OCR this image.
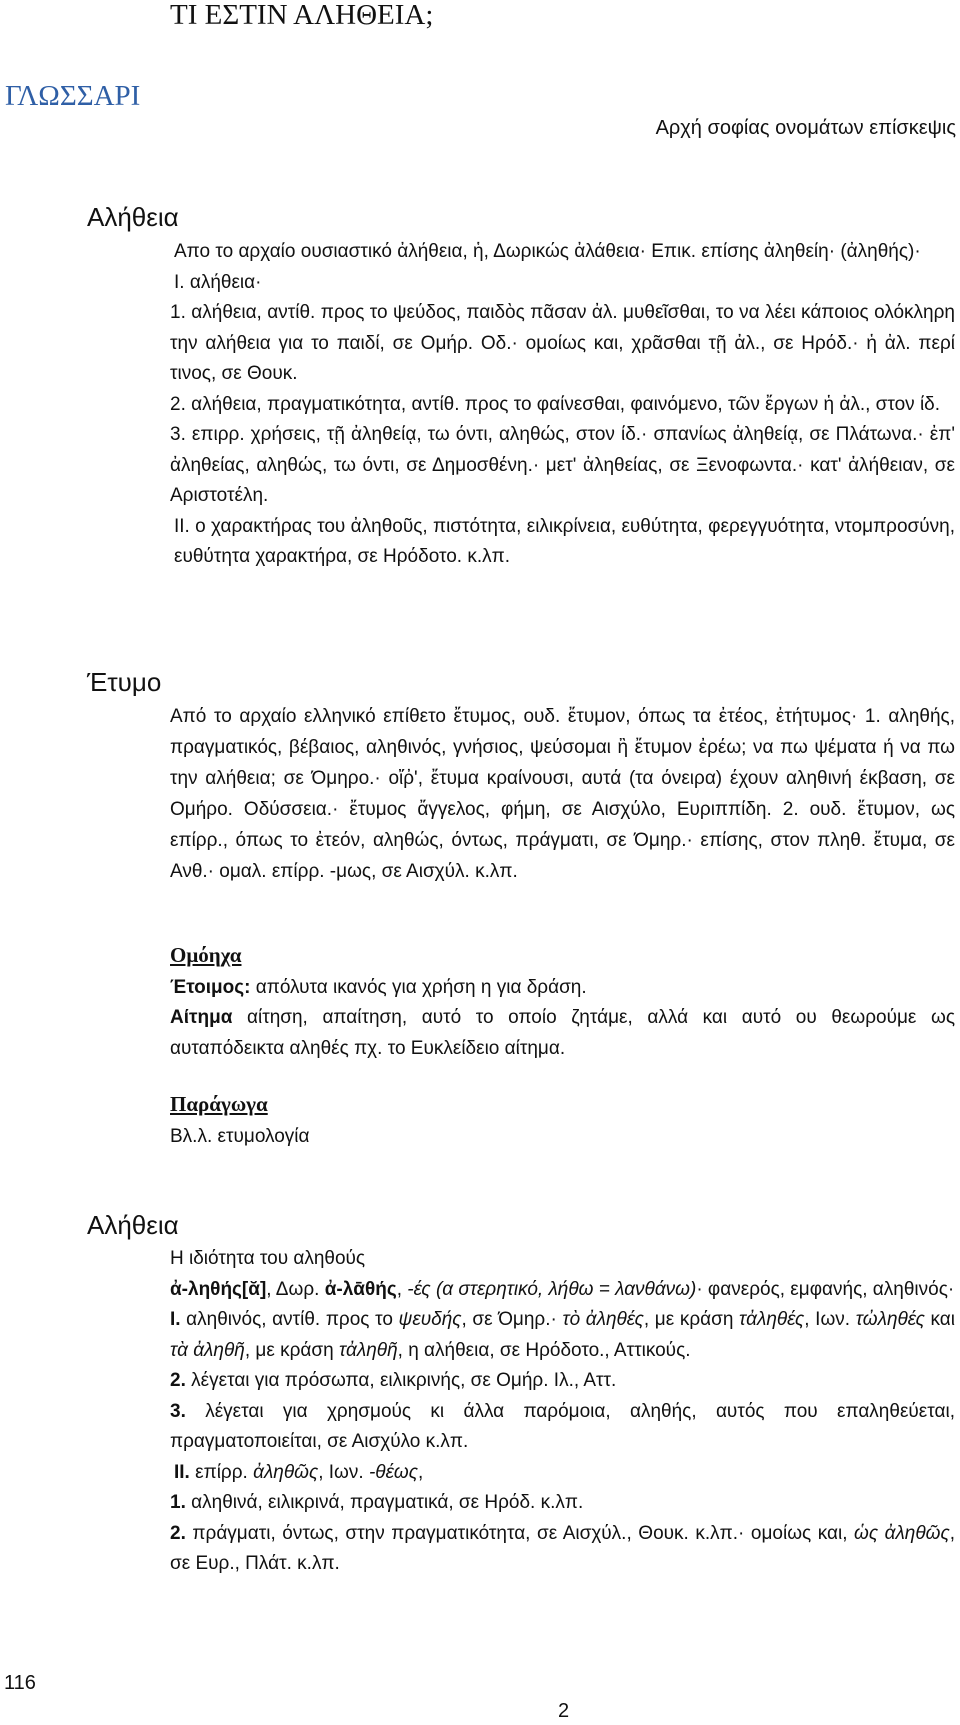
ΤΙ ΕΣΤΙΝ ΑΛΗΘΕΙΑ;
ΓΛΩΣΣΑΡΙ
Αρχή σοφίας ονομάτων επίσκεψις
Αλήθεια

Απο το αρχαίο ουσιαστικό ἀλήθεια, ἡ, Δωρικώς ἀλάθεια· Επικ. επίσης ἀληθείη· (ἀληθής)·

Ι. αλήθεια·

1. αλήθεια, αντίθ. προς το ψεύδος, παιδὸς πᾶσαν ἀλ. μυθεῖσθαι, το να λέει κάποιος ολόκληρη την αλήθεια για το παιδί, σε Ομήρ. Οδ.· ομοίως και, χρᾶσθαι τῇ ἀλ., σε Ηρόδ.· ἡ ἀλ. περί τινος, σε Θουκ.

2. αλήθεια, πραγματικότητα, αντίθ. προς το φαίνεσθαι, φαινόμενο, τῶν ἔργων ἡ ἀλ., στον ίδ.

3. επιρρ. χρήσεις, τῇ ἀληθείᾳ, τω όντι, αληθώς, στον ίδ.· σπανίως ἀληθείᾳ, σε Πλάτωνα.· ἐπ' ἀληθείας, αληθώς, τω όντι, σε Δημοσθένη.· μετ' ἀληθείας, σε Ξενοφωντα.· κατ' ἀλήθειαν, σε Αριστοτέλη.

ΙΙ. ο χαρακτήρας του ἀληθοῦς, πιστότητα, ειλικρίνεια, ευθύτητα, φερεγγυότητα, ντομπροσύνη, ευθύτητα χαρακτήρα, σε Ηρόδοτο. κ.λπ.

Έτυμο

Από το αρχαίο ελληνικό επίθετο ἔτυμος, ουδ. ἔτυμον, όπως τα ἐτέος, ἐτήτυμος· 1. αληθής, πραγματικός, βέβαιος, αληθινός, γνήσιος, ψεύσομαι ἢ ἔτυμον ἐρέω; να πω ψέματα ή να πω την αλήθεια; σε Όμηρο.· οἴῤ', ἔτυμα κραίνουσι, αυτά (τα όνειρα) έχουν αληθινή έκβαση, σε Ομήρο. Οδύσσεια.· ἔτυμος ἄγγελος, φήμη, σε Αισχύλο, Ευριππίδη. 2. ουδ. ἔτυμον, ως επίρρ., όπως το ἐτεόν, αληθώς, όντως, πράγματι, σε Όμηρ.· επίσης, στον πληθ. ἔτυμα, σε Ανθ.· ομαλ. επίρρ. -μως, σε Αισχύλ. κ.λπ.

Ομόηχα

Έτοιμος: απόλυτα ικανός για χρήση η για δράση.

Αίτημα αίτηση, απαίτηση, αυτό το οποίο ζητάμε, αλλά και αυτό ου θεωρούμε ως αυταπόδεικτα αληθές πχ. το Ευκλείδειο αίτημα.

Παράγωγα

Βλ.λ. ετυμολογία

Αλήθεια

Η ιδιότητα του αληθούς

ἀ-ληθής[ᾰ], Δωρ. ἀ-λᾱθής, -ές (α στερητικό, λήθω = λανθάνω)· φανερός, εμφανής, αληθινός·

Ι. αληθινός, αντίθ. προς το ψευδής, σε Όμηρ.· τὸ ἀληθές, με κράση τἀληθές, Ιων. τὠληθές και τὰ ἀληθῆ, με κράση τἀληθῆ, η αλήθεια, σε Ηρόδοτο., Αττικούς.

2. λέγεται για πρόσωπα, ειλικρινής, σε Ομήρ. Ιλ., Αττ.

3. λέγεται για χρησμούς κι άλλα παρόμοια, αληθής, αυτός που επαληθεύεται, πραγματοποιείται, σε Αισχύλο κ.λπ.

ΙΙ. επίρρ. ἀληθῶς, Ιων. -θέως,

1. αληθινά, ειλικρινά, πραγματικά, σε Ηρόδ. κ.λπ.

2. πράγματι, όντως, στην πραγματικότητα, σε Αισχύλ., Θουκ. κ.λπ.· ομοίως και, ὡς ἀληθῶς, σε Ευρ., Πλάτ. κ.λπ.

116
2
